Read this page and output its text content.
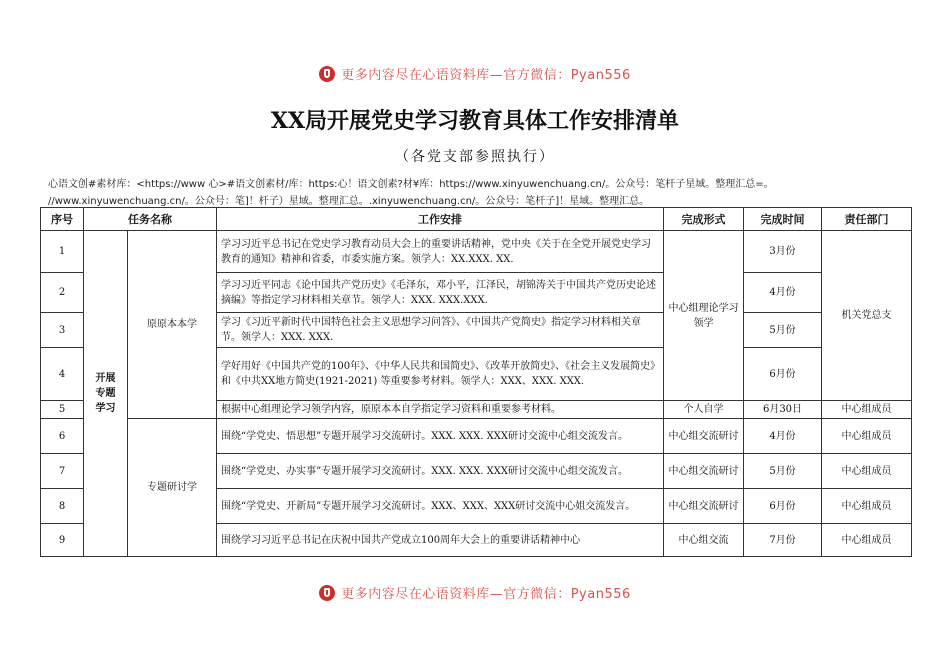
更多内容尽在心语资料库—官方微信：Pyan556
XX局开展党史学习教育具体工作安排清单
（各党支部参照执行）
心语文创#素材库：<https://www 心>#语文创素材/库：https:心！语文创素?材¥库：https://www.xinyuwenchuang.cn/。公众号：笔杆子星域。整理汇总=。
//www.xinyuwenchuang.cn/。公众号：笔]！杆子）星域。整理汇总。.xinyuwenchuang.cn/。公众号：笔杆子]！星域。整理汇总。
序号	任务名称		工作安排	完成形式	完成时间	责任部门
1	开展
专题
学习	原原本本学	学习习近平总书记在党史学习教育动员大会上的重要讲话精神，党中央《关于在全党开展党史学习教育的通知》精神和省委，市委实施方案。领学人：XX.XXX. XX.	中心组理论学习领学	3月份	机关党总支
2			学习习近平同志《论中国共产党历史》《毛泽东，邓小平，江泽民，胡锦涛关于中国共产党历史论述摘编》等指定学习材料相关章节。领学人：XXX. XXX.XXX.		4月份	
3			学习《习近平新时代中国特色社会主义思想学习问答》、《中国共产党简史》指定学习材料相关章节。领学人：XXX. XXX.		5月份	
4			学好用好《中国共产党的100年》、《中华人民共和国简史》、《改革开放简史》、《社会主义发展简史》和《中共XX地方简史(1921-2021) 等重要参考材料。领学人：XXX、XXX. XXX.		6月份	
5			根据中心组理论学习领学内容，原原本本自学指定学习资料和重要参考材料。	个人自学	6月30日	中心组成员
6		专题研讨学	围绕“学党史、悟思想”专题开展学习交流研讨。XXX. XXX. XXX研讨交流中心组交流发言。	中心组交流研讨	4月份	中心组成员
7			围绕“学党史、办实事”专题开展学习交流研讨。XXX. XXX. XXX研讨交流中心组交流发言。	中心组交流研讨	5月份	中心组成员
8			围绕“学党史、开新局”专题开展学习交流研讨。XXX、XXX、XXX研讨交流中心姐交流发言。	中心组交流研讨	6月份	中心组成员
9			围绕学习习近平总书记在庆祝中国共产党成立100周年大会上的重要讲话精神中心	中心组交流	7月份	中心组成员
更多内容尽在心语资料库—官方微信：Pyan556
